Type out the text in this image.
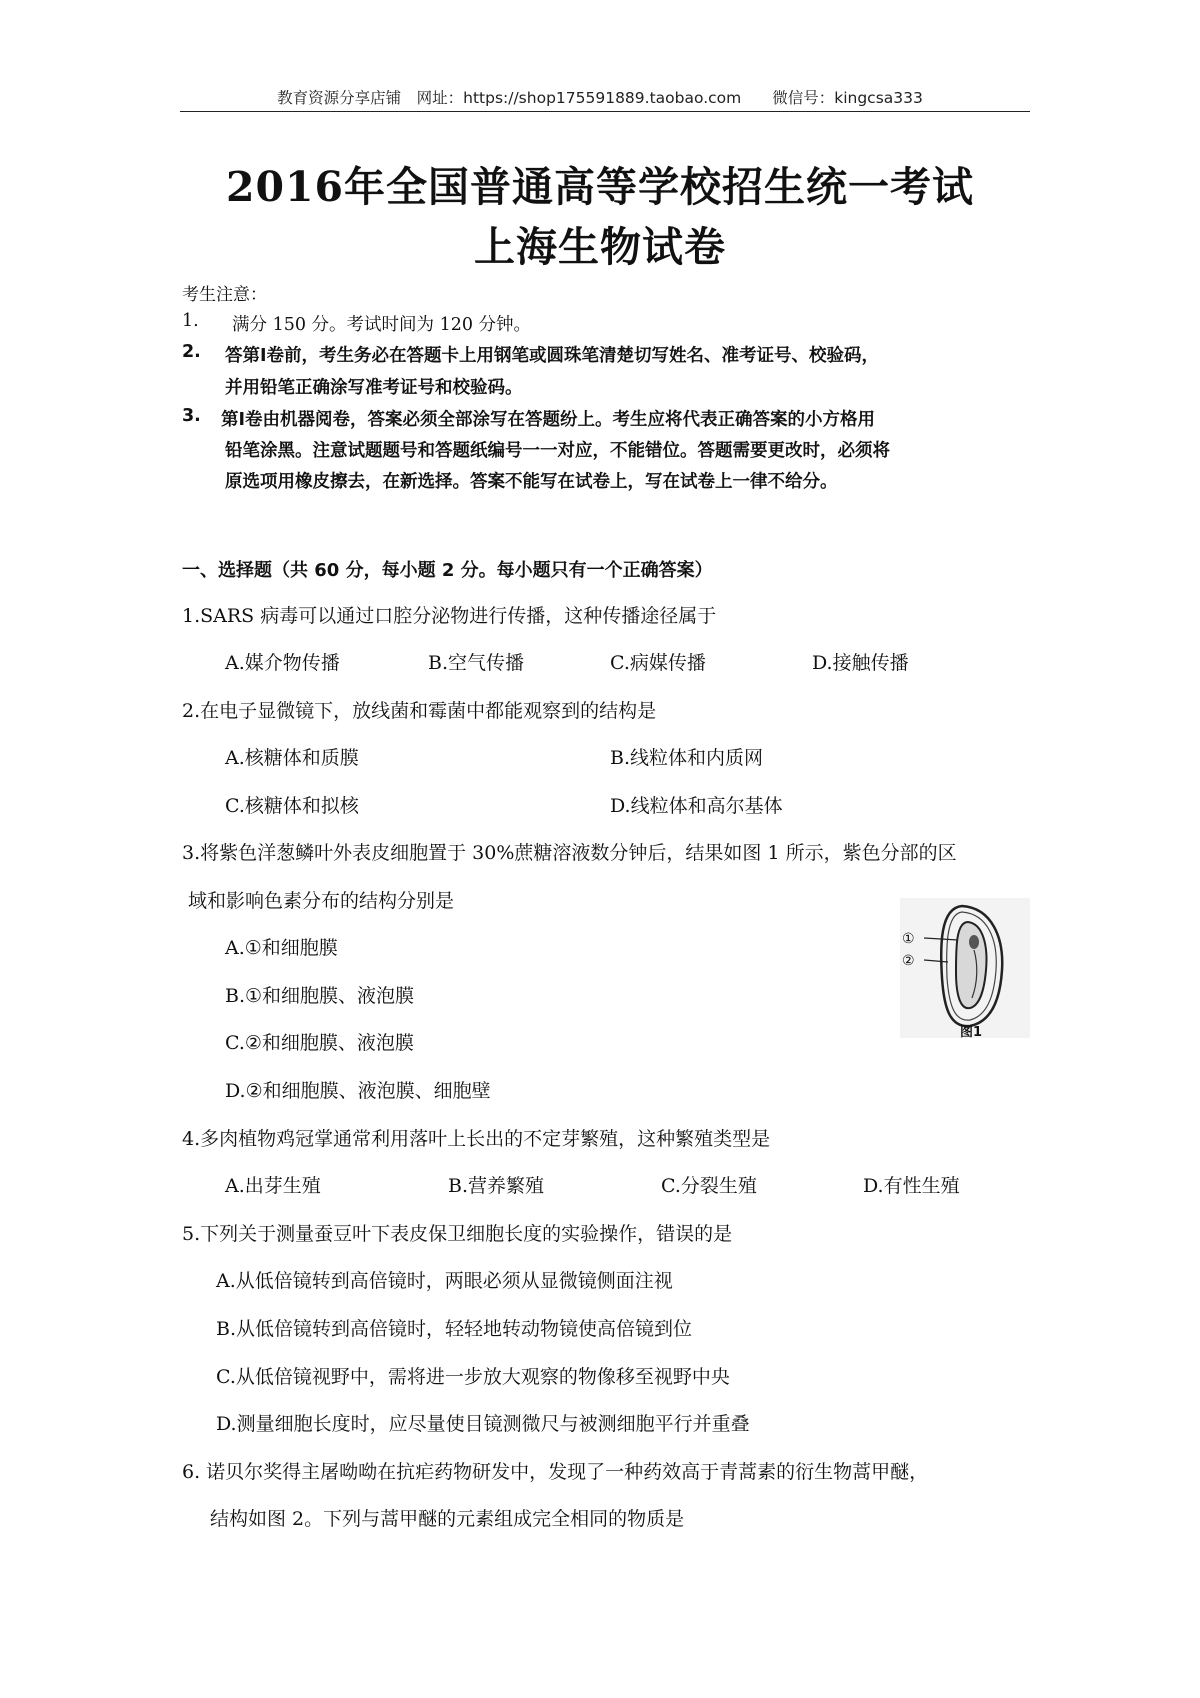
教育资源分享店铺　网址：https://shop175591889.taobao.com　　微信号：kingcsa333
2016年全国普通高等学校招生统一考试
上海生物试卷
考生注意：
1. 满分 150 分。考试时间为 120 分钟。
2. 答第Ⅰ卷前，考生务必在答题卡上用钢笔或圆珠笔清楚切写姓名、准考证号、校验码，
并用铅笔正确涂写准考证号和校验码。
3. 第Ⅰ卷由机器阅卷，答案必须全部涂写在答题纷上。考生应将代表正确答案的小方格用
铅笔涂黑。注意试题题号和答题纸编号一一对应，不能错位。答题需要更改时，必须将
原选项用橡皮擦去，在新选择。答案不能写在试卷上，写在试卷上一律不给分。
一、选择题（共 60 分，每小题 2 分。每小题只有一个正确答案）
1.SARS 病毒可以通过口腔分泌物进行传播，这种传播途径属于
A.媒介物传播	B.空气传播	C.病媒传播	D.接触传播
2.在电子显微镜下，放线菌和霉菌中都能观察到的结构是
A.核糖体和质膜	B.线粒体和内质网
C.核糖体和拟核	D.线粒体和高尔基体
3.将紫色洋葱鳞叶外表皮细胞置于 30%蔗糖溶液数分钟后，结果如图 1 所示，紫色分部的区
域和影响色素分布的结构分别是
A.①和细胞膜
B.①和细胞膜、液泡膜
C.②和细胞膜、液泡膜
D.②和细胞膜、液泡膜、细胞壁
①
②
图1
4.多肉植物鸡冠掌通常利用落叶上长出的不定芽繁殖，这种繁殖类型是
A.出芽生殖	B.营养繁殖	C.分裂生殖	D.有性生殖
5.下列关于测量蚕豆叶下表皮保卫细胞长度的实验操作，错误的是
A.从低倍镜转到高倍镜时，两眼必须从显微镜侧面注视
B.从低倍镜转到高倍镜时，轻轻地转动物镜使高倍镜到位
C.从低倍镜视野中，需将进一步放大观察的物像移至视野中央
D.测量细胞长度时，应尽量使目镜测微尺与被测细胞平行并重叠
6. 诺贝尔奖得主屠呦呦在抗疟药物研发中，发现了一种药效高于青蒿素的衍生物蒿甲醚，
结构如图 2。下列与蒿甲醚的元素组成完全相同的物质是
